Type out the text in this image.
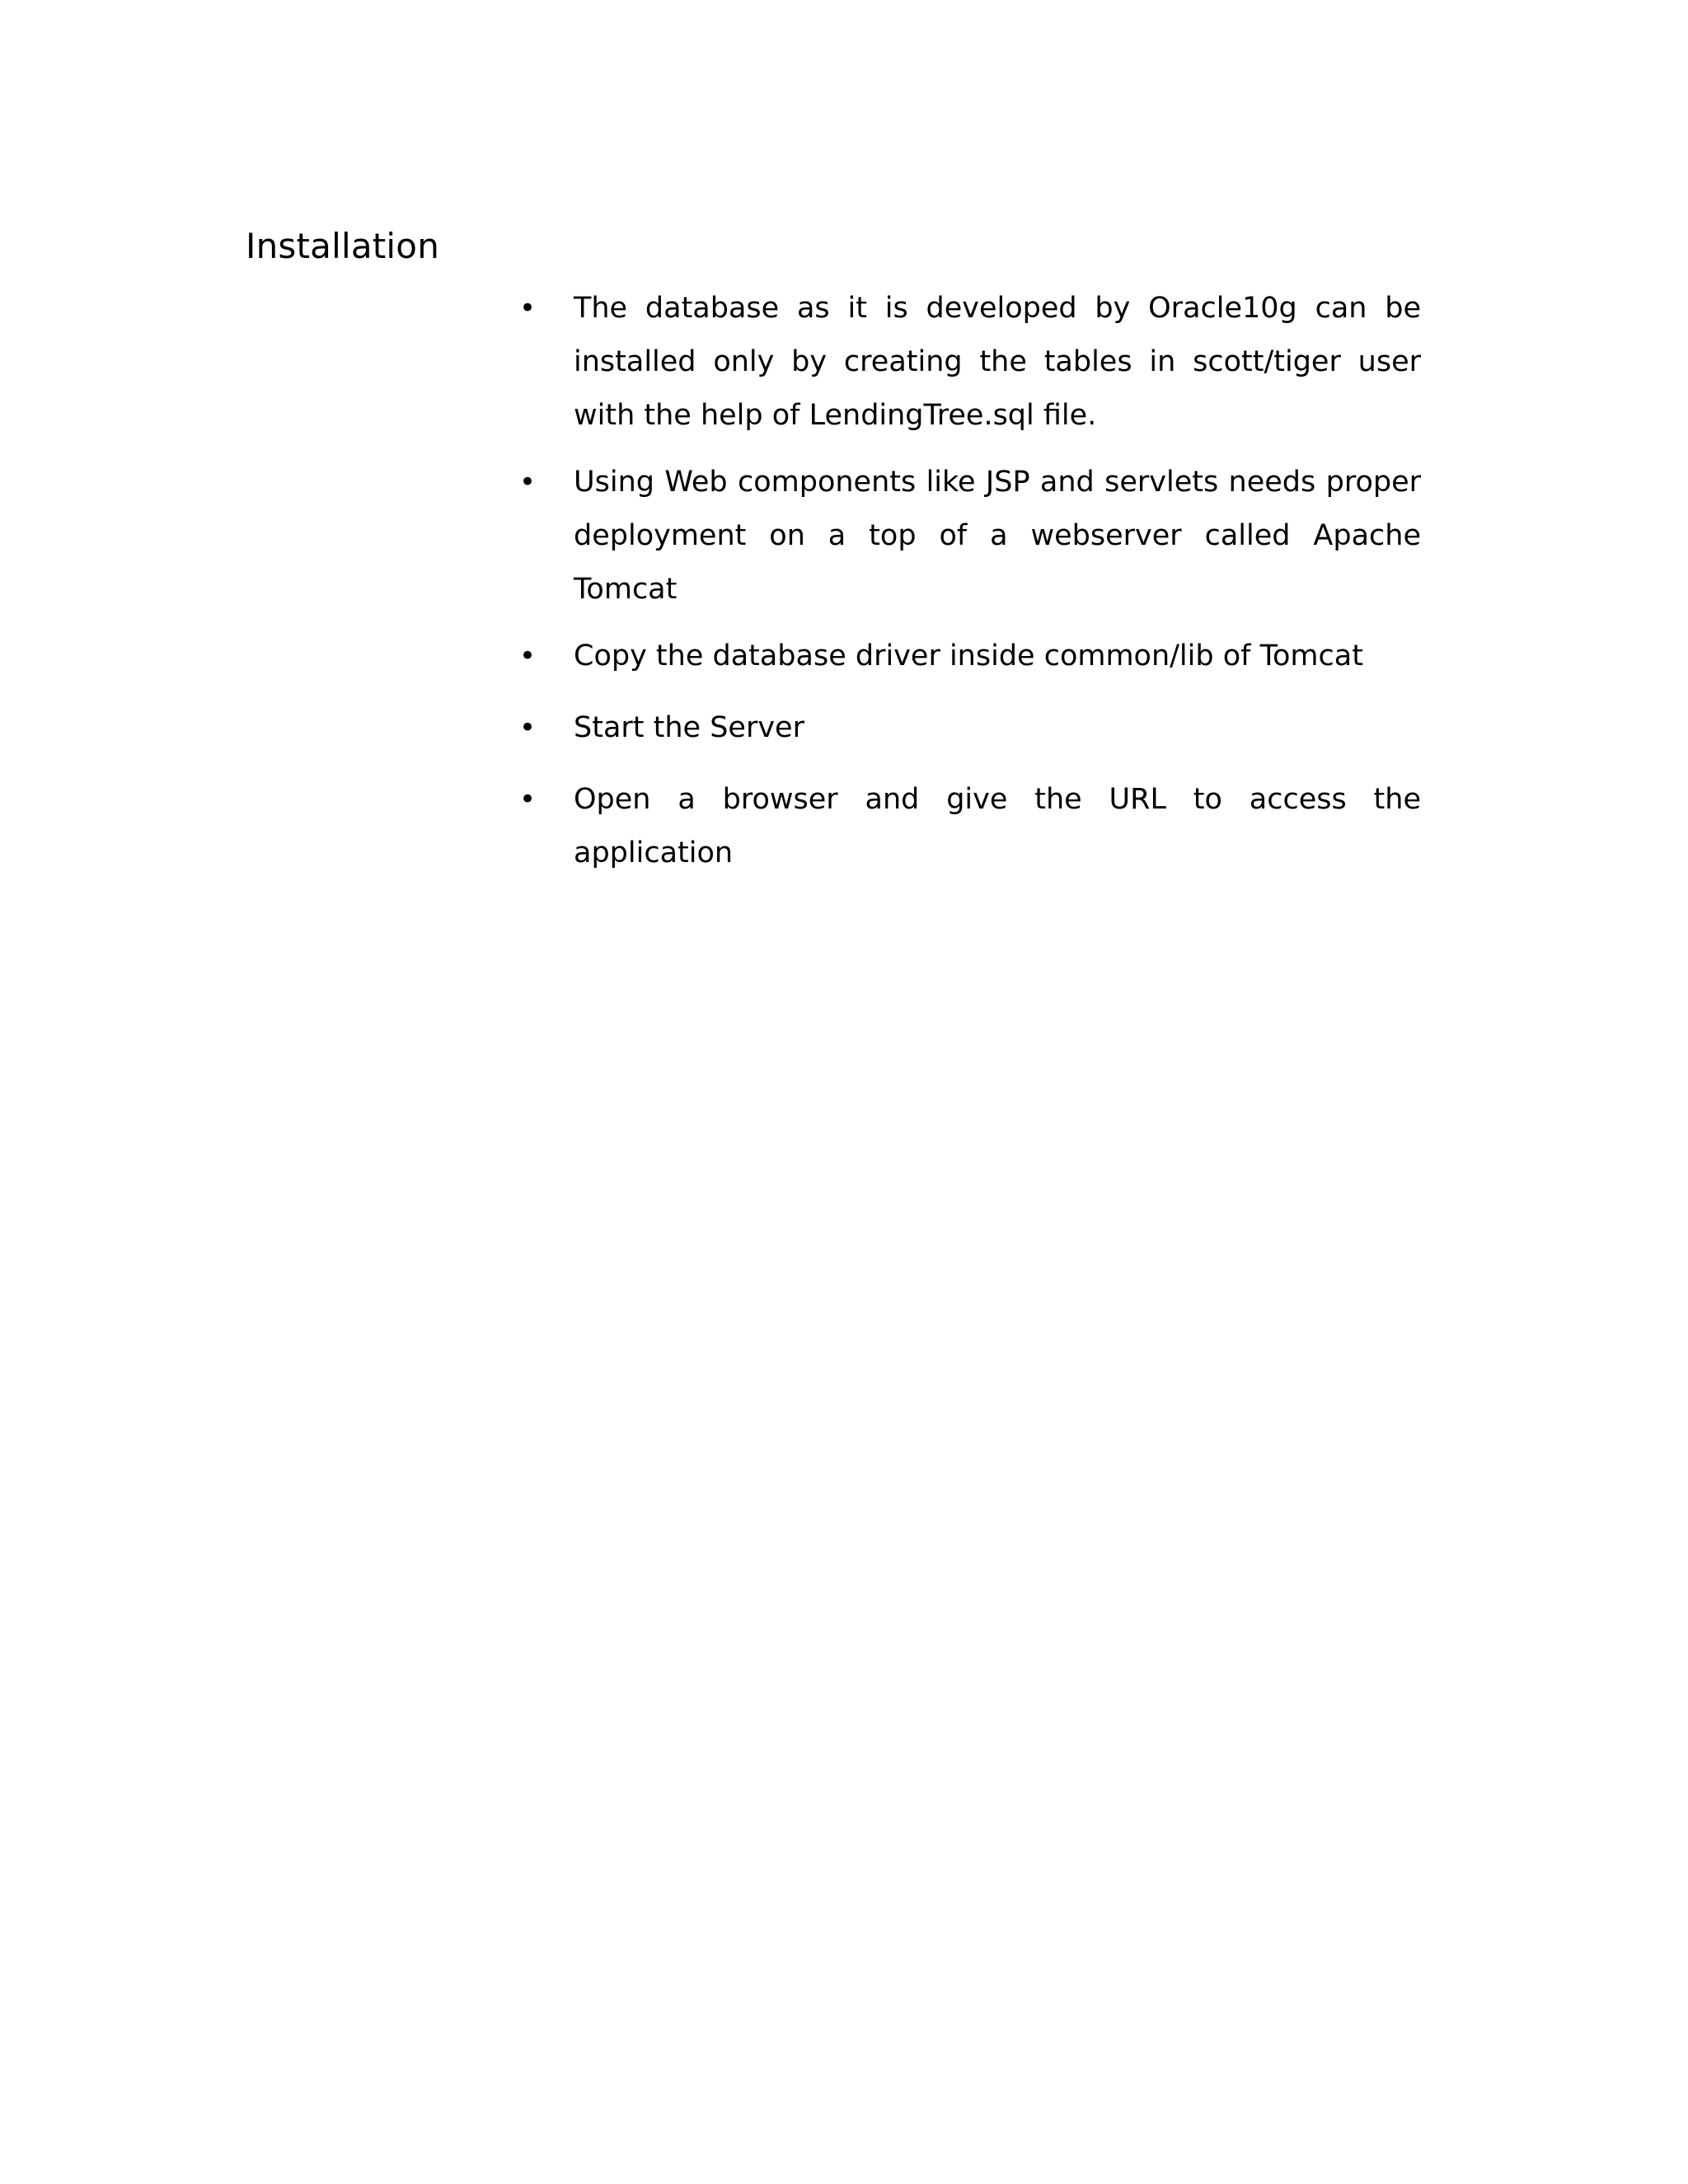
Installation
• The database as it is developed by Oracle10g can be installed only by creating the tables in scott/tiger user with the help of LendingTree.sql file.
• Using Web components like JSP and servlets needs proper deployment on a top of a webserver called Apache Tomcat
• Copy the database driver inside common/lib of Tomcat
• Start the Server
• Open a browser and give the URL to access the application
